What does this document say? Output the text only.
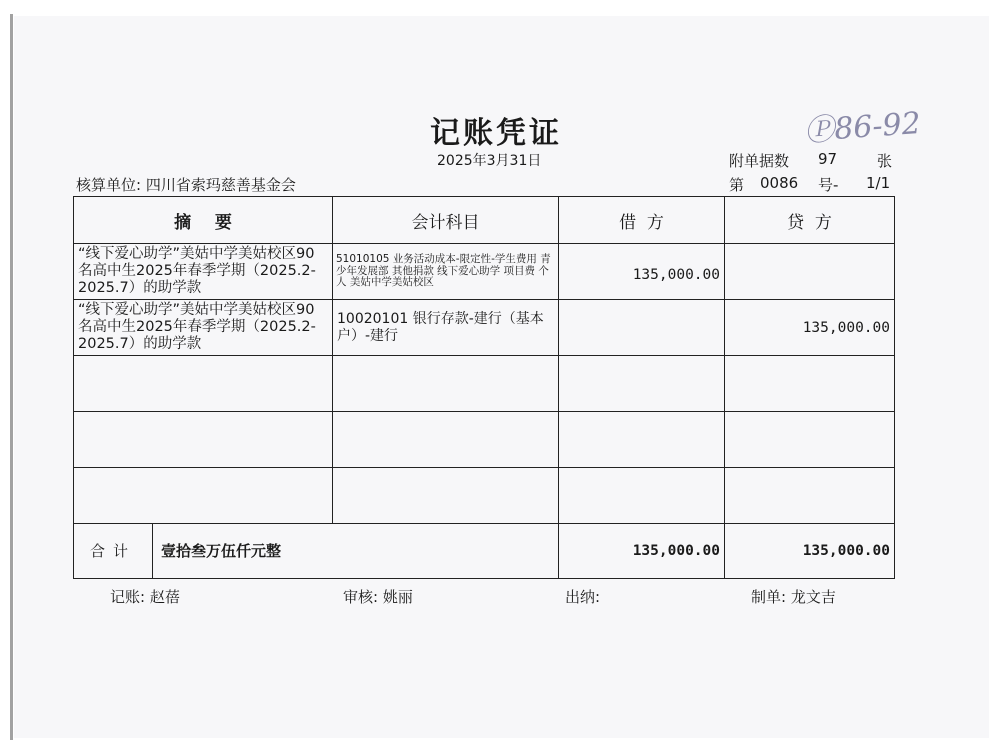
记账凭证	Ⓟ86-92
2025年3月31日	附单据数 97	张
核算单位: 四川省索玛慈善基金会	第 0086 号- 1/1
摘    要	会计科目	借  方	贷  方
“线下爱心助学”美姑中学美姑校区90名高中生2025年春季学期（2025.2-2025.7）的助学款	51010105 业务活动成本-限定性-学生费用 青少年发展部 其他捐款 线下爱心助学 项目费 个人 美姑中学美姑校区	135,000.00	
“线下爱心助学”美姑中学美姑校区90名高中生2025年春季学期（2025.2-2025.7）的助学款	10020101 银行存款-建行（基本户）-建行		135,000.00

合计 壹拾叁万伍仟元整		135,000.00	135,000.00
记账: 赵蓓	审核: 姚丽	出纳:	制单: 龙文吉
